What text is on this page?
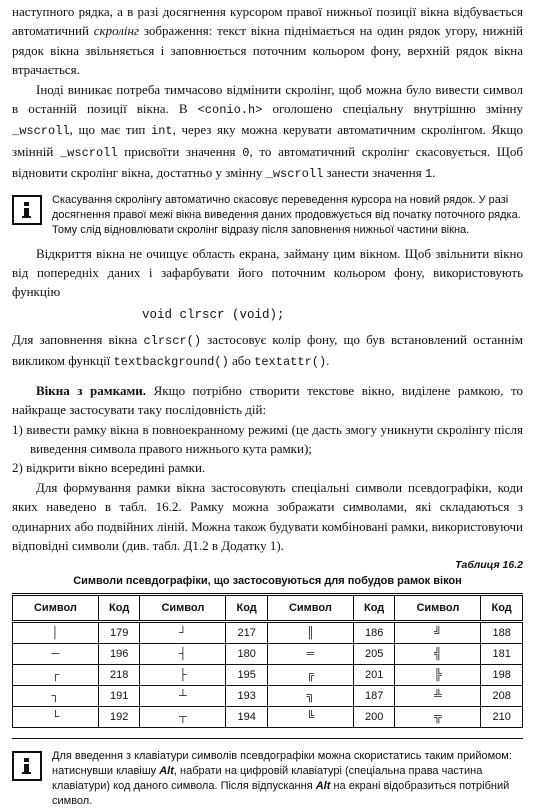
наступного рядка, а в разі досягнення курсором правої нижньої позиції вікна відбувається автоматичний скролінг зображення: текст вікна піднімається на один рядок угору, нижній рядок вікна звільняється і заповнюється поточним кольором фону, верхній рядок вікна втрачається.

Іноді виникає потреба тимчасово відмінити скролінг, щоб можна було вивести символ в останній позиції вікна. В <conio.h> оголошено спеціальну внутрішню змінну _wscroll, що має тип int, через яку можна керувати автоматичним скролінгом. Якщо змінній _wscroll присвоїти значення 0, то автоматичний скролінг скасовується. Щоб відновити скролінг вікна, достатньо у змінну _wscroll занести значення 1.

Скасування скролінгу автоматично скасовує переведення курсора на новий рядок. У разі досягнення правої межі вікна виведення даних продовжується від початку поточного рядка. Тому слід відновлювати скролінг відразу після заповнення нижньої частини вікна.

Відкриття вікна не очищує область екрана, займану цим вікном. Щоб звільнити вікно від попередніх даних і зафарбувати його поточним кольором фону, використовують функцію

void clrscr (void);

Для заповнення вікна clrscr() застосовує колір фону, що був встановлений останнім викликом функції textbackground() або textattr().

Вікна з рамками. Якщо потрібно створити текстове вікно, виділене рамкою, то найкраще застосувати таку послідовність дій:

1) вивести рамку вікна в повноекранному режимі (це дасть змогу уникнути скролінгу після виведення символа правого нижнього кута рамки);

2) відкрити вікно всередині рамки.

Для формування рамки вікна застосовують спеціальні символи псевдографіки, коди яких наведено в табл. 16.2. Рамку можна зображати символами, які складаються з одинарних або подвійних ліній. Можна також будувати комбіновані рамки, використовуючи відповідні символи (див. табл. Д1.2 в Додатку 1).

Таблиця 16.2
Символи псевдографіки, що застосовуються для побудов рамок вікон
Символ	Код	Символ	Код	Символ	Код	Символ	Код
│	179	┘	217	║	186	╝	188
─	196	┤	180	═	205	╣	181
┌	218	├	195	╔	201	╠	198
┐	191	┴	193	╗	187	╩	208
└	192	┬	194	╚	200	╦	210

Для введення з клавіатури символів псевдографіки можна скористатись таким прийомом: натиснувши клавішу Alt, набрати на цифровій клавіатурі (спеціальна права частина клавіатури) код даного символа. Після відпускання Alt на екрані відобразиться потрібний символ.
